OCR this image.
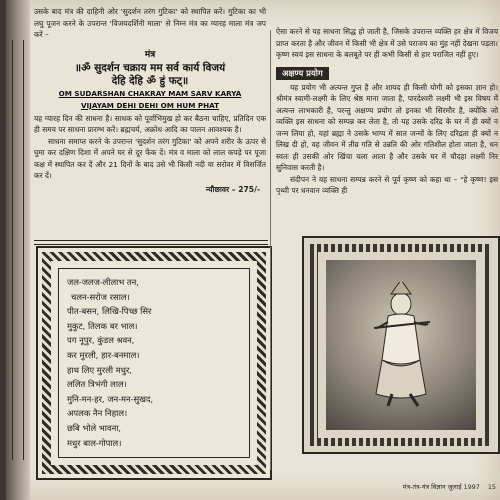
उसके बाद मंत्र की दाहिनी ओर 'सुदर्शन तरंग गुटिका' को स्थापित करें। गुटिका का भी लघु पूजन करने के उपरान्त 'विजयदर्शिनी माला' से निम्न मंत्र का ग्यारह माला मंत्र जप करें –

मंत्र

॥ॐ सुदर्शन चक्राय मम सर्व कार्य विजयं

देहि देहि ॐ हुं फट्॥

OM SUDARSHAN CHAKRAY MAM SARV KARYA

VIJAYAM DEHI DEHI OM HUM PHAT

यह ग्यारह दिन की साधना है। साधक को पूर्वाभिमुख हो कर बैठना चाहिए, प्रतिदिन एक ही समय पर साधना प्रारम्भ करें। ब्रह्मचर्य, अक्रोध आदि का पालन आवश्यक है।

साधना समाप्त करने के उपरान्त 'सुदर्शन तरंग गुटिका' को अपने शरीर के ऊपर से घुमा कर दक्षिण दिशा में अपने घर से दूर फेंक दें। मंत्र व माला को लाल कपड़े पर पूजा कक्ष में स्थापित कर दें और 21 दिनों के बाद उसे भी किसी नदी या सरोवर में विसर्जित कर दें।

न्यौछावर – 275/-

जल-जलज-लीलाभ तन,

चलन-सरोज रसाल।

पीत-बसन, लिखि-पिच्छ सिर

मुकुट, तिलक बर भाल।

पग नूपुर, कुंडल श्रवन,

कर मुरली, हार-बनमाल।

हाथ लिए मुरली मधुर,

ललित त्रिभंगी लाल।

मुनि-मन-हर, जन-मन-सुखद,

अपलक नैन निहाल।

छबि भोले भावना,

मधुर बाल-गोपाल।

ऐसा करने से यह साधना सिद्ध हो जाती है, जिसके उपरान्त व्यक्ति हर क्षेत्र में विजय प्राप्त करता है और जीवन में किसी भी क्षेत्र में उसे पराजय का मुंह नहीं देखना पड़ता। कृष्ण स्वयं इस साधना के बलबूते पर ही कभी किसी से हार पराजित नहीं हुए।

अक्षण्य प्रयोग

यह प्रयोग भी अत्यन्त गुप्त है और शायद ही किसी योगी को इसका ज्ञान हो। श्रीमंत्र स्वामी-लक्ष्मी के लिए श्रेष्ठ माना जाता है, पारदेश्वरी लक्ष्मी भी इस विषय में अत्यन्त लाभकारी है, परन्तु अक्षण्य प्रयोग तो इनका भी सिरमौर है, क्योंकि जो व्यक्ति इस साधना को सम्पन्न कर लेता है, तो यह उसके दरिद्र के घर में ही क्यों न जन्म लिया हो, यहां ब्रह्मा ने उसके भाग्य में सात जन्मों के लिए दरिद्रता ही क्यों न लिख दी हो, वह जीवन में तीव्र गति से उन्नति की ओर गतिशील होता जाता है, धन स्वतः ही उसकी ओर खिंचा चला आता है और उसके घर में चौदहा लक्ष्मी निर सुनिवास करती है।

संदीपन ने यह साधना सम्पन्न करने से पूर्व कृष्ण को कहा था – "हे कृष्ण! इस पृथ्वी पर धनवान व्यक्ति ही

मंत्र-तंत्र-यंत्र विज्ञान जुलाई 1997 15
